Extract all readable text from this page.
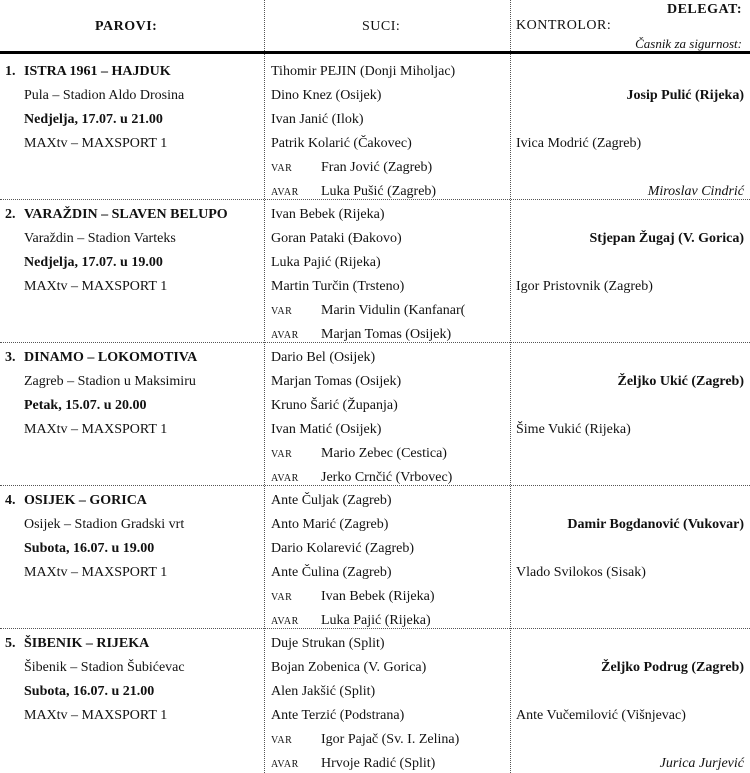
PAROVI:	SUCI:
DELEGAT:
KONTROLOR:
Časnik za sigurnost:
1. ISTRA 1961 – HAJDUK
Pula – Stadion Aldo Drosina
Nedjelja, 17.07. u 21.00
MAXtv – MAXSPORT 1
Tihomir PEJIN (Donji Miholjac)
Dino Knez (Osijek)
Ivan Janić (Ilok)
Patrik Kolarić (Čakovec)
VAR Fran Jović (Zagreb)
AVAR Luka Pušić (Zagreb)
Josip Pulić (Rijeka)
Ivica Modrić (Zagreb)
Miroslav Cindrić
2. VARAŽDIN – SLAVEN BELUPO
Varaždin – Stadion Varteks
Nedjelja, 17.07. u 19.00
MAXtv – MAXSPORT 1
Ivan Bebek (Rijeka)
Goran Pataki (Đakovo)
Luka Pajić (Rijeka)
Martin Turčin (Trsteno)
VAR Marin Vidulin (Kanfanar(
AVAR Marjan Tomas (Osijek)
Stjepan Žugaj (V. Gorica)
Igor Pristovnik (Zagreb)
3. DINAMO – LOKOMOTIVA
Zagreb – Stadion u Maksimiru
Petak, 15.07. u 20.00
MAXtv – MAXSPORT 1
Dario Bel (Osijek)
Marjan Tomas (Osijek)
Kruno Šarić (Županja)
Ivan Matić (Osijek)
VAR Mario Zebec (Cestica)
AVAR Jerko Crnčić (Vrbovec)
Željko Ukić (Zagreb)
Šime Vukić (Rijeka)
4. OSIJEK – GORICA
Osijek – Stadion Gradski vrt
Subota, 16.07. u 19.00
MAXtv – MAXSPORT 1
Ante Čuljak (Zagreb)
Anto Marić (Zagreb)
Dario Kolarević (Zagreb)
Ante Čulina (Zagreb)
VAR Ivan Bebek (Rijeka)
AVAR Luka Pajić (Rijeka)
Damir Bogdanović (Vukovar)
Vlado Svilokos (Sisak)
5. ŠIBENIK – RIJEKA
Šibenik – Stadion Šubićevac
Subota, 16.07. u 21.00
MAXtv – MAXSPORT 1
Duje Strukan (Split)
Bojan Zobenica (V. Gorica)
Alen Jakšić (Split)
Ante Terzić (Podstrana)
VAR Igor Pajač (Sv. I. Zelina)
AVAR Hrvoje Radić (Split)
Željko Podrug (Zagreb)
Ante Vučemilović (Višnjevac)
Jurica Jurjević
